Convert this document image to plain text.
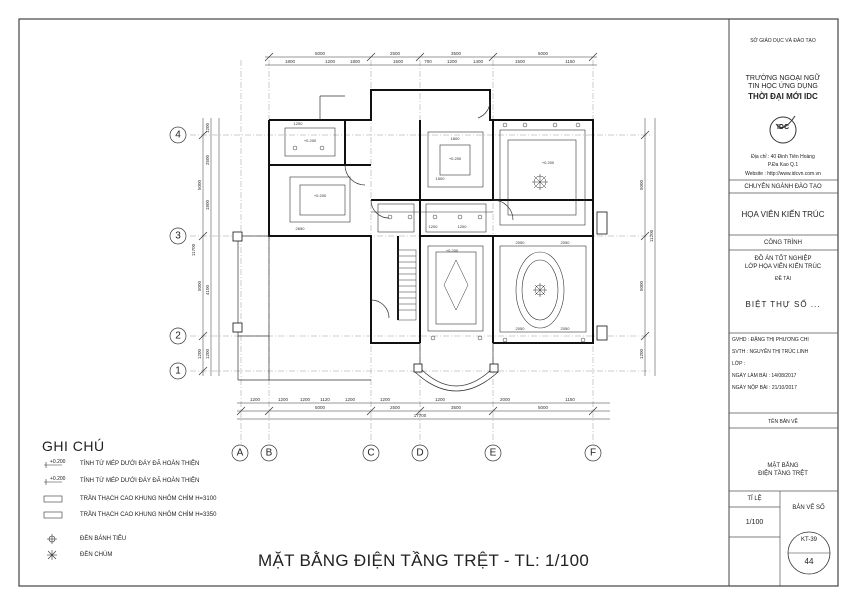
5000	2500	3500	5000
1800	1200	1800	1500	700	1200	1400	1500	1150
1200	1200	1200 1120	1200	1200	1200	2000	1150
5000	2500	3500	5000
17700
5000
5000
1200
11700
1200
2500
1800
4100
1200
5000
5000
1200
11200
A B	C	D	E	F
4
3
2
1
+0.200
+0.200
+0.200
+0.200
+0.200
2050	2050
2050	2050
1200	1200
1250
2650
1500
1800
SỞ GIÁO DỤC VÀ ĐÀO TẠO
TRƯỜNG NGOẠI NGỮ
TIN HỌC ỨNG DỤNG
THỜI ĐẠI MỚI IDC
IDC
Địa chỉ : 40 Đinh Tiên Hoàng
P.Đa Kao Q.1
Website : http://www.idcvn.com.vn
CHUYÊN NGÀNH ĐÀO TẠO
HỌA VIÊN KIẾN TRÚC
CÔNG TRÌNH
ĐỒ ÁN TỐT NGHIỆP
LỚP HỌA VIÊN KIẾN TRÚC
ĐỀ TÀI
BIỆT THỰ SỐ ...
GVHD : ĐẶNG THỊ PHƯƠNG CHI
SVTH : NGUYỄN THỊ TRÚC LINH
LỚP :
NGÀY LÀM BÀI : 14/08/2017
NGÀY NỘP BÀI : 21/10/2017
TÊN BẢN VẼ
MẶT BẰNG
ĐIỆN TẦNG TRỆT
TỈ LỆ
1/100
BẢN VẼ SỐ
KT-39
44
GHI CHÚ
+0.200 TÍNH TỪ MÉP DƯỚI ĐÁY ĐÃ HOÀN THIỆN
+0.200 TÍNH TỪ MÉP DƯỚI ĐÁY ĐÃ HOÀN THIỆN
TRẦN THẠCH CAO KHUNG NHÔM CHÌM H=3100
TRẦN THẠCH CAO KHUNG NHÔM CHÌM H=3350
ĐÈN BÁNH TIÊU
ĐÈN CHÙM	MẶT BẰNG ĐIỆN TẦNG TRỆT - TL: 1/100
